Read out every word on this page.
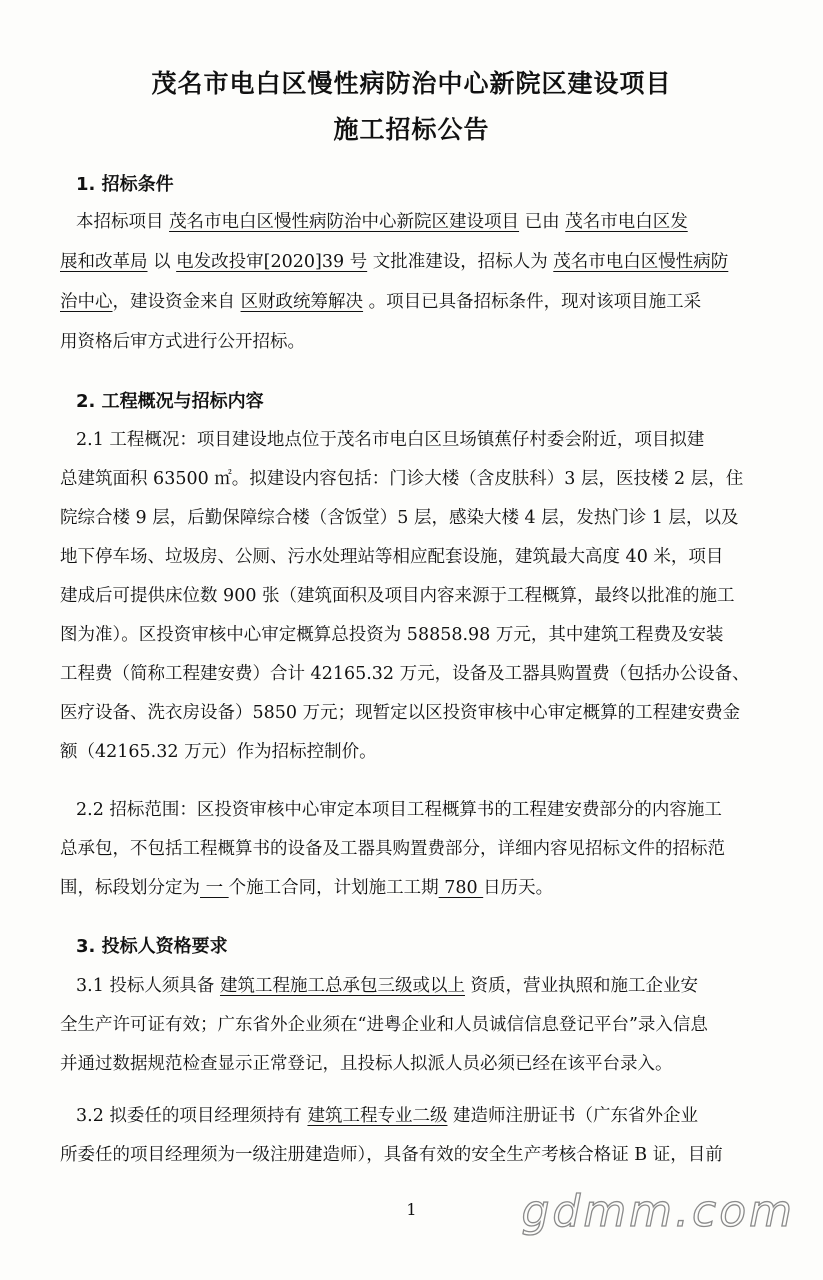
茂名市电白区慢性病防治中心新院区建设项目
施工招标公告
1. 招标条件
本招标项目 茂名市电白区慢性病防治中心新院区建设项目 已由 茂名市电白区发
展和改革局 以 电发改投审[2020]39 号 文批准建设，招标人为 茂名市电白区慢性病防
治中心，建设资金来自 区财政统筹解决 。项目已具备招标条件，现对该项目施工采
用资格后审方式进行公开招标。
2. 工程概况与招标内容
2.1 工程概况：项目建设地点位于茂名市电白区旦场镇蕉仔村委会附近，项目拟建
总建筑面积 63500 ㎡。拟建设内容包括：门诊大楼（含皮肤科）3 层，医技楼 2 层，住
院综合楼 9 层，后勤保障综合楼（含饭堂）5 层，感染大楼 4 层，发热门诊 1 层，以及
地下停车场、垃圾房、公厕、污水处理站等相应配套设施，建筑最大高度 40 米，项目
建成后可提供床位数 900 张（建筑面积及项目内容来源于工程概算，最终以批准的施工
图为准）。区投资审核中心审定概算总投资为 58858.98 万元，其中建筑工程费及安装
工程费（简称工程建安费）合计 42165.32 万元，设备及工器具购置费（包括办公设备、
医疗设备、洗衣房设备）5850 万元；现暂定以区投资审核中心审定概算的工程建安费金
额（42165.32 万元）作为招标控制价。
2.2 招标范围：区投资审核中心审定本项目工程概算书的工程建安费部分的内容施工
总承包，不包括工程概算书的设备及工器具购置费部分，详细内容见招标文件的招标范
围，标段划分定为 一 个施工合同，计划施工工期 780 日历天。
3. 投标人资格要求
3.1 投标人须具备 建筑工程施工总承包三级或以上 资质，营业执照和施工企业安
全生产许可证有效；广东省外企业须在“进粤企业和人员诚信信息登记平台”录入信息
并通过数据规范检查显示正常登记，且投标人拟派人员必须已经在该平台录入。
3.2 拟委任的项目经理须持有 建筑工程专业二级 建造师注册证书（广东省外企业
所委任的项目经理须为一级注册建造师），具备有效的安全生产考核合格证 B 证，目前
1	gdmm.com
